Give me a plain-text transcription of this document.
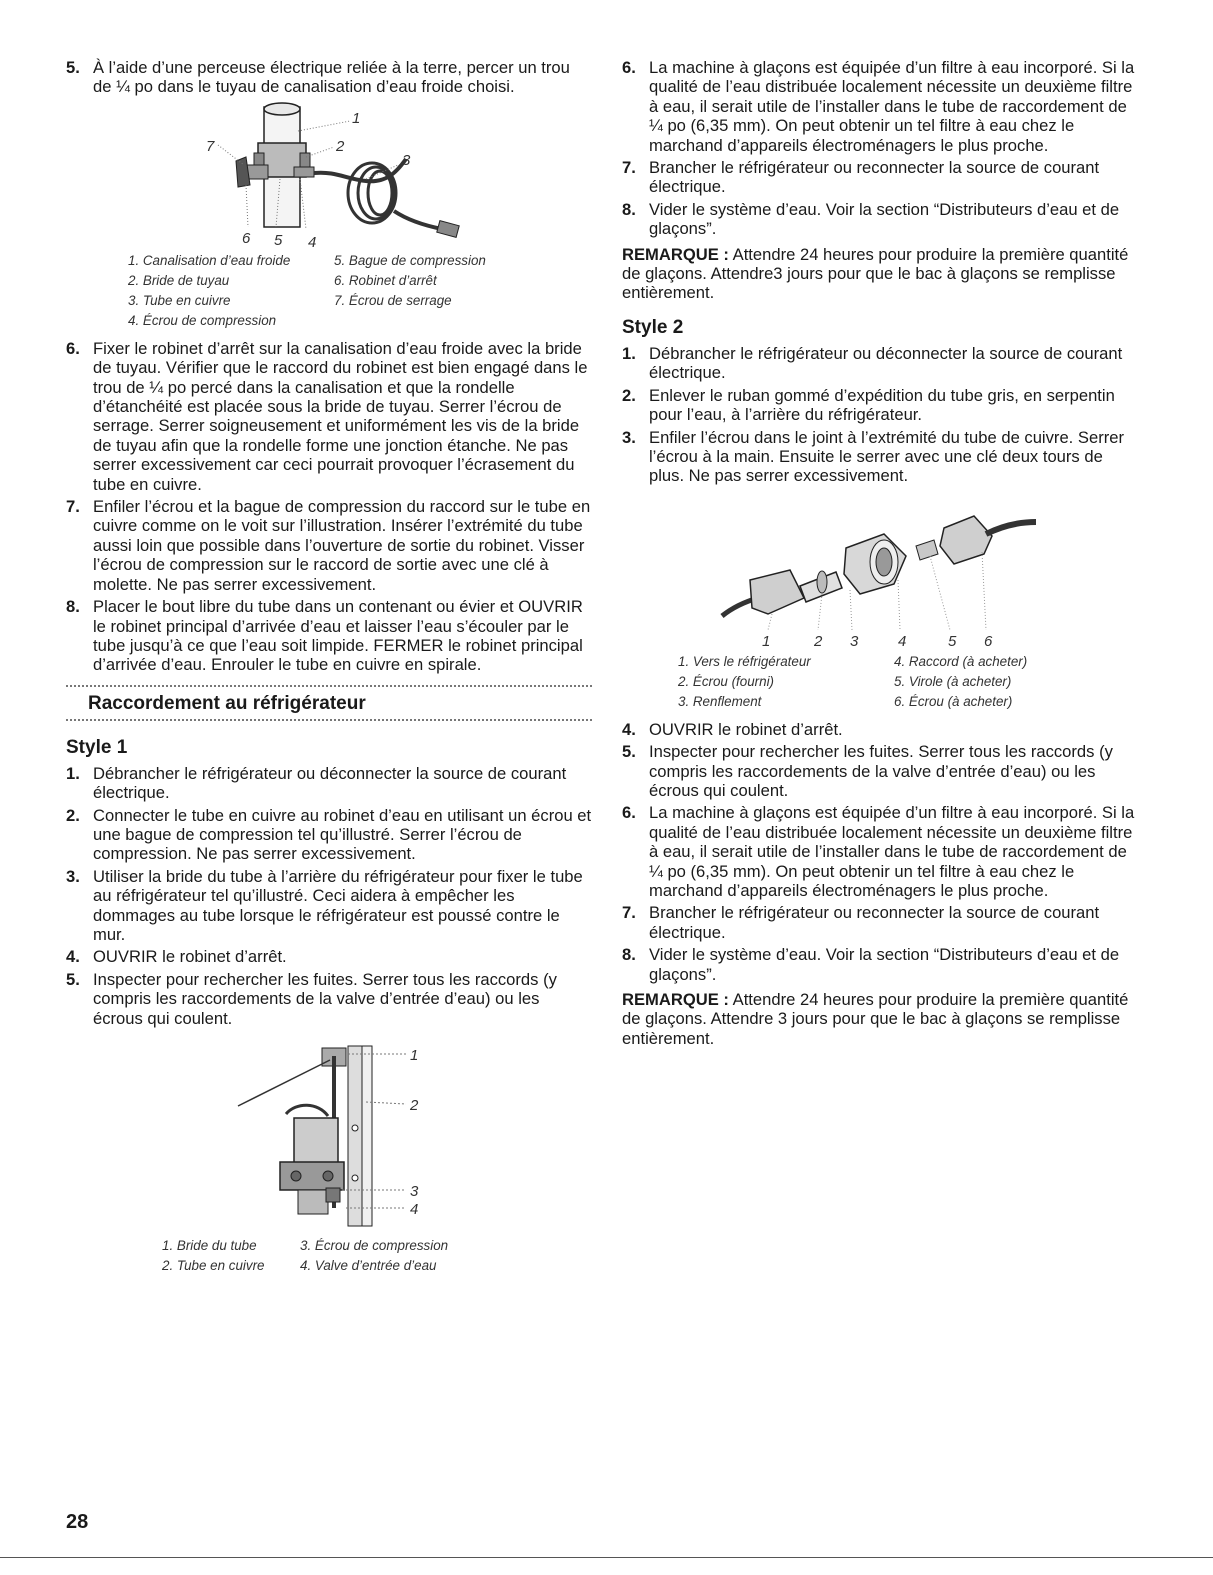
5. À l’aide d’une perceuse électrique reliée à la terre, percer un trou de ¼ po dans le tuyau de canalisation d’eau froide choisi.
1
2
3
4
5
6
7
1. Canalisation d’eau froide
2. Bride de tuyau
3. Tube en cuivre
4. Écrou de compression
5. Bague de compression
6. Robinet d’arrêt
7. Écrou de serrage
6. Fixer le robinet d’arrêt sur la canalisation d’eau froide avec la bride de tuyau. Vérifier que le raccord du robinet est bien engagé dans le trou de ¼ po percé dans la canalisation et que la rondelle d’étanchéité est placée sous la bride de tuyau. Serrer l’écrou de serrage. Serrer soigneusement et uniformément les vis de la bride de tuyau afin que la rondelle forme une jonction étanche. Ne pas serrer excessivement car ceci pourrait provoquer l’écrasement du tube en cuivre.
7. Enfiler l’écrou et la bague de compression du raccord sur le tube en cuivre comme on le voit sur l’illustration. Insérer l’extrémité du tube aussi loin que possible dans l’ouverture de sortie du robinet. Visser l’écrou de compression sur le raccord de sortie avec une clé à molette. Ne pas serrer excessivement.
8. Placer le bout libre du tube dans un contenant ou évier et OUVRIR le robinet principal d’arrivée d’eau et laisser l’eau s’écouler par le tube jusqu’à ce que l’eau soit limpide. FERMER le robinet principal d’arrivée d’eau. Enrouler le tube en cuivre en spirale.
Raccordement au réfrigérateur
Style 1
1. Débrancher le réfrigérateur ou déconnecter la source de courant électrique.
2. Connecter le tube en cuivre au robinet d’eau en utilisant un écrou et une bague de compression tel qu’illustré. Serrer l’écrou de compression. Ne pas serrer excessivement.
3. Utiliser la bride du tube à l’arrière du réfrigérateur pour fixer le tube au réfrigérateur tel qu’illustré. Ceci aidera à empêcher les dommages au tube lorsque le réfrigérateur est poussé contre le mur.
4. OUVRIR le robinet d’arrêt.
5. Inspecter pour rechercher les fuites. Serrer tous les raccords (y compris les raccordements de la valve d’entrée d’eau) ou les écrous qui coulent.
1
2
3
4
1. Bride du tube
2. Tube en cuivre
3. Écrou de compression
4. Valve d’entrée d’eau
6. La machine à glaçons est équipée d’un filtre à eau incorporé. Si la qualité de l’eau distribuée localement nécessite un deuxième filtre à eau, il serait utile de l’installer dans le tube de raccordement de ¼ po (6,35 mm). On peut obtenir un tel filtre à eau chez le marchand d’appareils électroménagers le plus proche.
7. Brancher le réfrigérateur ou reconnecter la source de courant électrique.
8. Vider le système d’eau. Voir la section “Distributeurs d’eau et de glaçons”.
REMARQUE : Attendre 24 heures pour produire la première quantité de glaçons. Attendre3 jours pour que le bac à glaçons se remplisse entièrement.
Style 2
1. Débrancher le réfrigérateur ou déconnecter la source de courant électrique.
2. Enlever le ruban gommé d’expédition du tube gris, en serpentin pour l’eau, à l’arrière du réfrigérateur.
3. Enfiler l’écrou dans le joint à l’extrémité du tube de cuivre. Serrer l’écrou à la main. Ensuite le serrer avec une clé deux tours de plus. Ne pas serrer excessivement.
1	2 3	4	5 6
1. Vers le réfrigérateur
2. Écrou (fourni)
3. Renflement
4. Raccord (à acheter)
5. Virole (à acheter)
6. Écrou (à acheter)
4. OUVRIR le robinet d’arrêt.
5. Inspecter pour rechercher les fuites. Serrer tous les raccords (y compris les raccordements de la valve d’entrée d’eau) ou les écrous qui coulent.
6. La machine à glaçons est équipée d’un filtre à eau incorporé. Si la qualité de l’eau distribuée localement nécessite un deuxième filtre à eau, il serait utile de l’installer dans le tube de raccordement de ¼ po (6,35 mm). On peut obtenir un tel filtre à eau chez le marchand d’appareils électroménagers le plus proche.
7. Brancher le réfrigérateur ou reconnecter la source de courant électrique.
8. Vider le système d’eau. Voir la section “Distributeurs d’eau et de glaçons”.
REMARQUE : Attendre 24 heures pour produire la première quantité de glaçons. Attendre 3 jours pour que le bac à glaçons se remplisse entièrement.
28
